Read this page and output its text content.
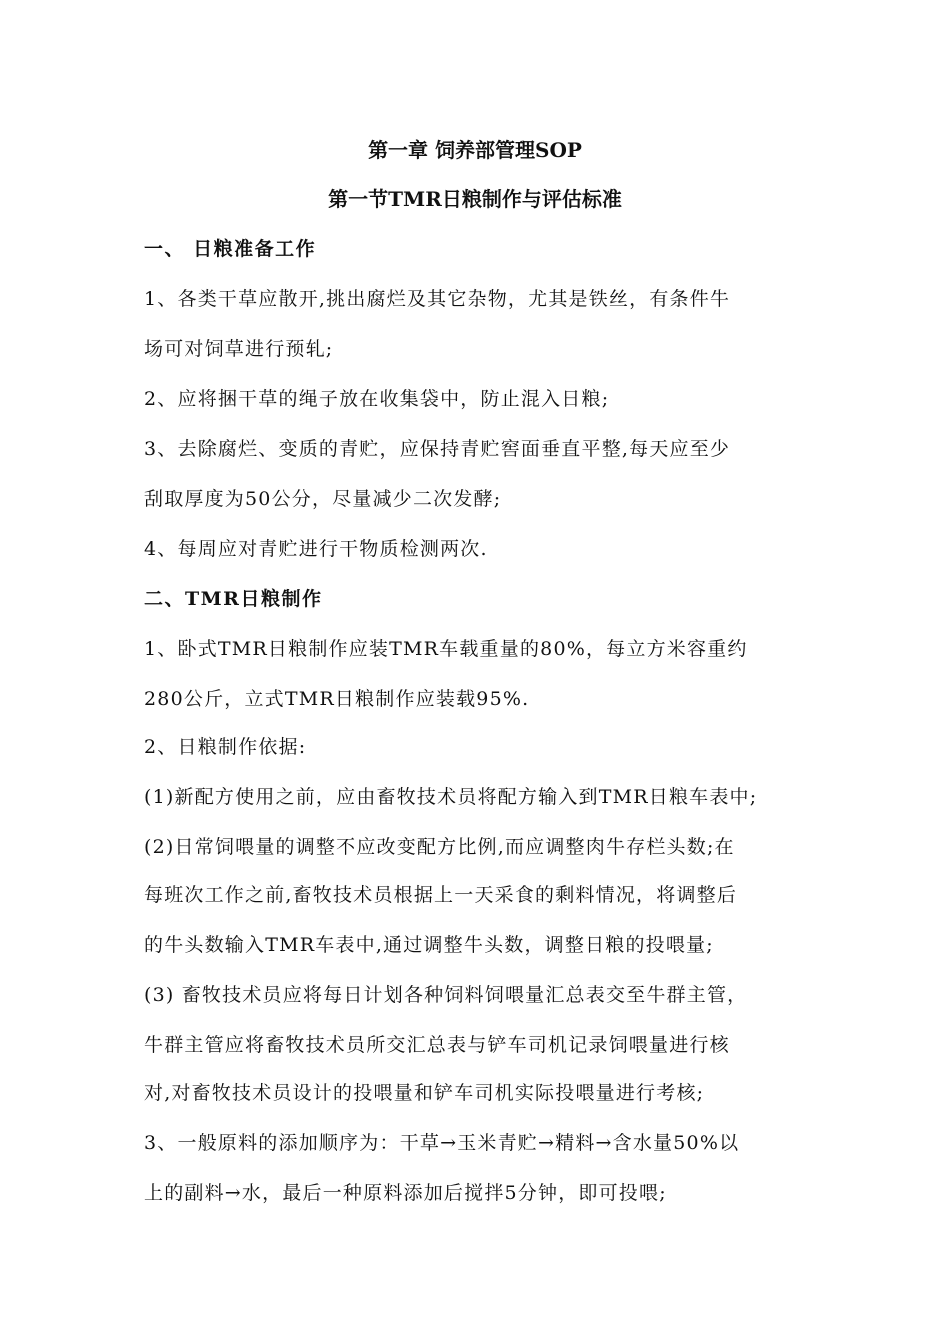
第一章 饲养部管理SOP
第一节TMR日粮制作与评估标准
一、 日粮准备工作
1、各类干草应散开,挑出腐烂及其它杂物，尤其是铁丝，有条件牛
场可对饲草进行预轧;
2、应将捆干草的绳子放在收集袋中，防止混入日粮;
3、去除腐烂、变质的青贮，应保持青贮窖面垂直平整,每天应至少
刮取厚度为50公分，尽量减少二次发酵;
4、每周应对青贮进行干物质检测两次.
二、TMR日粮制作
1、卧式TMR日粮制作应装TMR车载重量的80%，每立方米容重约
280公斤，立式TMR日粮制作应装载95%.
2、日粮制作依据:
(1)新配方使用之前，应由畜牧技术员将配方输入到TMR日粮车表中;
(2)日常饲喂量的调整不应改变配方比例,而应调整肉牛存栏头数;在
每班次工作之前,畜牧技术员根据上一天采食的剩料情况，将调整后
的牛头数输入TMR车表中,通过调整牛头数，调整日粮的投喂量;
(3) 畜牧技术员应将每日计划各种饲料饲喂量汇总表交至牛群主管，
牛群主管应将畜牧技术员所交汇总表与铲车司机记录饲喂量进行核
对,对畜牧技术员设计的投喂量和铲车司机实际投喂量进行考核;
3、一般原料的添加顺序为：干草→玉米青贮→精料→含水量50%以
上的副料→水，最后一种原料添加后搅拌5分钟，即可投喂;
